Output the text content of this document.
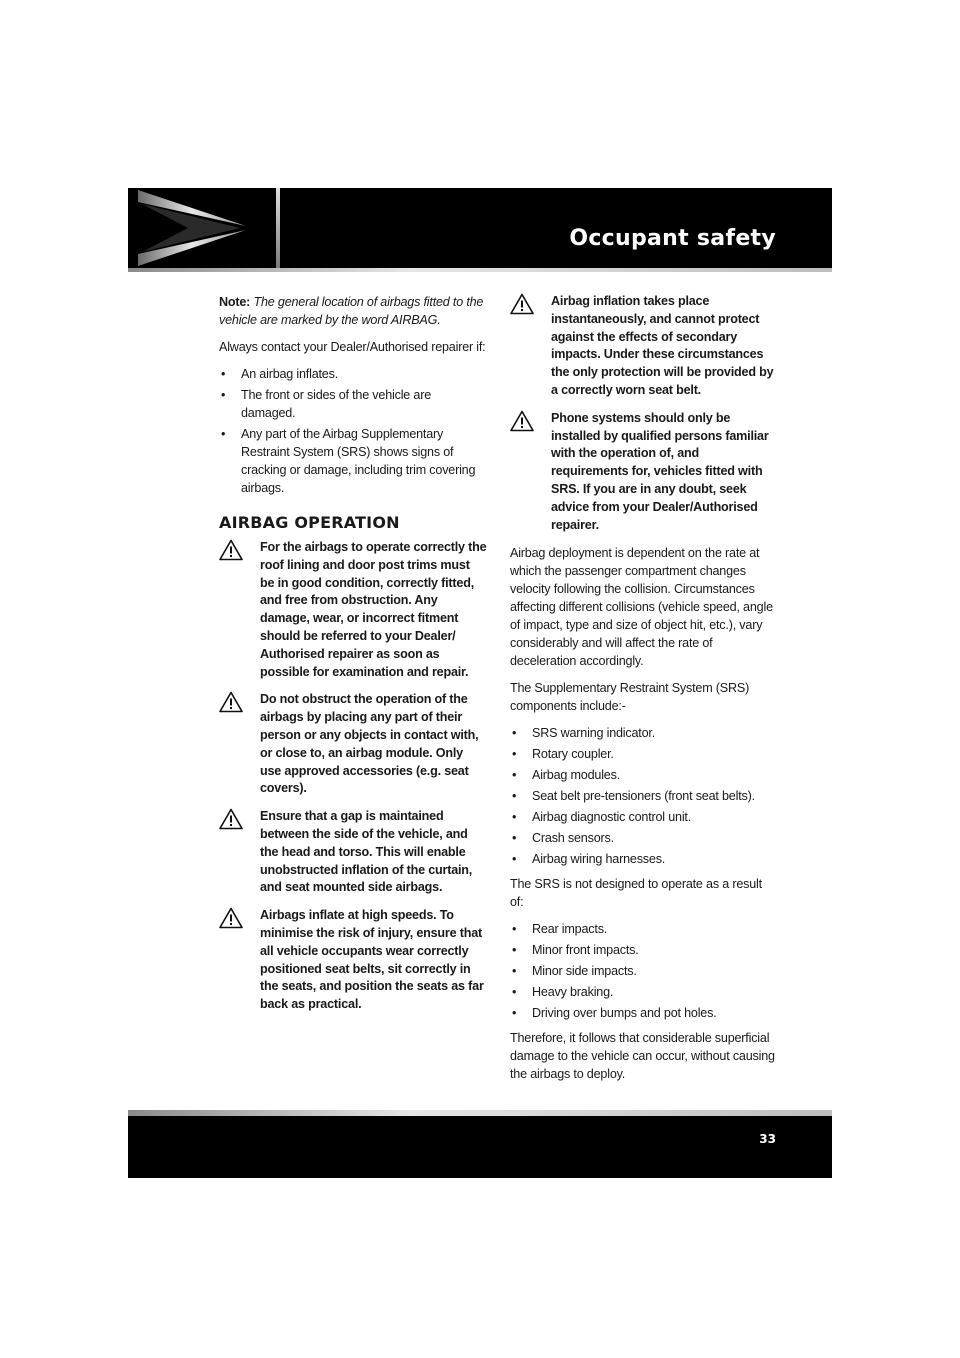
Occupant safety

Note: The general location of airbags fitted to the vehicle are marked by the word AIRBAG.

Always contact your Dealer/Authorised repairer if:

• An airbag inflates.
• The front or sides of the vehicle are damaged.
• Any part of the Airbag Supplementary Restraint System (SRS) shows signs of cracking or damage, including trim covering airbags.
AIRBAG OPERATION
For the airbags to operate correctly the roof lining and door post trims must be in good condition, correctly fitted, and free from obstruction. Any damage, wear, or incorrect fitment should be referred to your Dealer/ Authorised repairer as soon as possible for examination and repair.
Do not obstruct the operation of the airbags by placing any part of their person or any objects in contact with, or close to, an airbag module. Only use approved accessories (e.g. seat covers).
Ensure that a gap is maintained between the side of the vehicle, and the head and torso. This will enable unobstructed inflation of the curtain, and seat mounted side airbags.
Airbags inflate at high speeds. To minimise the risk of injury, ensure that all vehicle occupants wear correctly positioned seat belts, sit correctly in the seats, and position the seats as far back as practical.
Airbag inflation takes place instantaneously, and cannot protect against the effects of secondary impacts. Under these circumstances the only protection will be provided by a correctly worn seat belt.
Phone systems should only be installed by qualified persons familiar with the operation of, and requirements for, vehicles fitted with SRS. If you are in any doubt, seek advice from your Dealer/Authorised repairer.

Airbag deployment is dependent on the rate at which the passenger compartment changes velocity following the collision. Circumstances affecting different collisions (vehicle speed, angle of impact, type and size of object hit, etc.), vary considerably and will affect the rate of deceleration accordingly.

The Supplementary Restraint System (SRS) components include:-

• SRS warning indicator.
• Rotary coupler.
• Airbag modules.
• Seat belt pre-tensioners (front seat belts).
• Airbag diagnostic control unit.
• Crash sensors.
• Airbag wiring harnesses.

The SRS is not designed to operate as a result of:

• Rear impacts.
• Minor front impacts.
• Minor side impacts.
• Heavy braking.
• Driving over bumps and pot holes.

Therefore, it follows that considerable superficial damage to the vehicle can occur, without causing the airbags to deploy.

33
